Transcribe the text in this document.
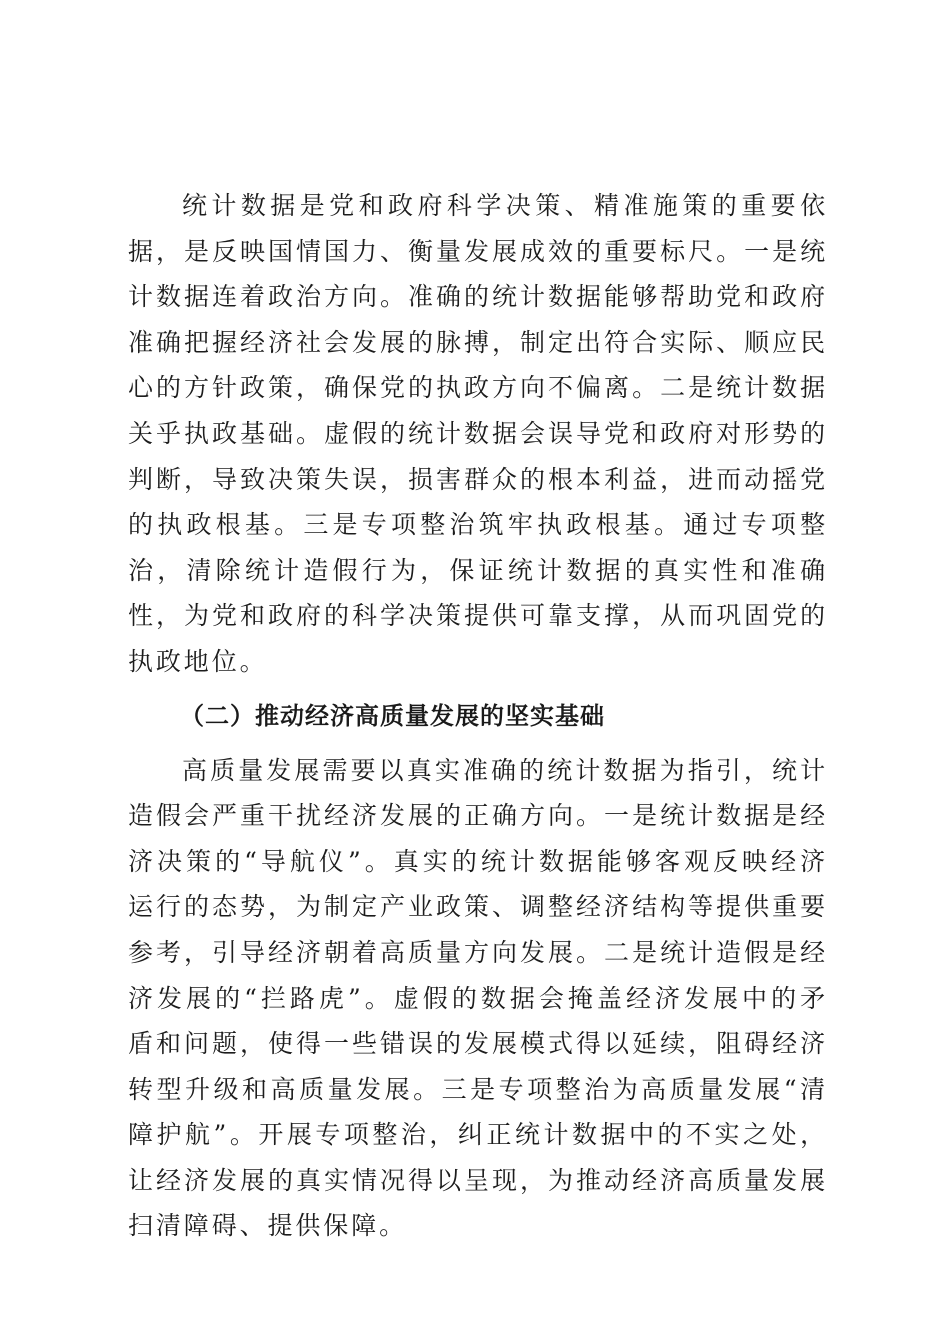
统计数据是党和政府科学决策、精准施策的重要依据，是反映国情国力、衡量发展成效的重要标尺。一是统计数据连着政治方向。准确的统计数据能够帮助党和政府准确把握经济社会发展的脉搏，制定出符合实际、顺应民心的方针政策，确保党的执政方向不偏离。二是统计数据关乎执政基础。虚假的统计数据会误导党和政府对形势的判断，导致决策失误，损害群众的根本利益，进而动摇党的执政根基。三是专项整治筑牢执政根基。通过专项整治，清除统计造假行为，保证统计数据的真实性和准确性，为党和政府的科学决策提供可靠支撑，从而巩固党的执政地位。

（二）推动经济高质量发展的坚实基础

高质量发展需要以真实准确的统计数据为指引，统计造假会严重干扰经济发展的正确方向。一是统计数据是经济决策的“导航仪”。真实的统计数据能够客观反映经济运行的态势，为制定产业政策、调整经济结构等提供重要参考，引导经济朝着高质量方向发展。二是统计造假是经济发展的“拦路虎”。虚假的数据会掩盖经济发展中的矛盾和问题，使得一些错误的发展模式得以延续，阻碍经济转型升级和高质量发展。三是专项整治为高质量发展“清障护航”。开展专项整治，纠正统计数据中的不实之处，让经济发展的真实情况得以呈现，为推动经济高质量发展扫清障碍、提供保障。
